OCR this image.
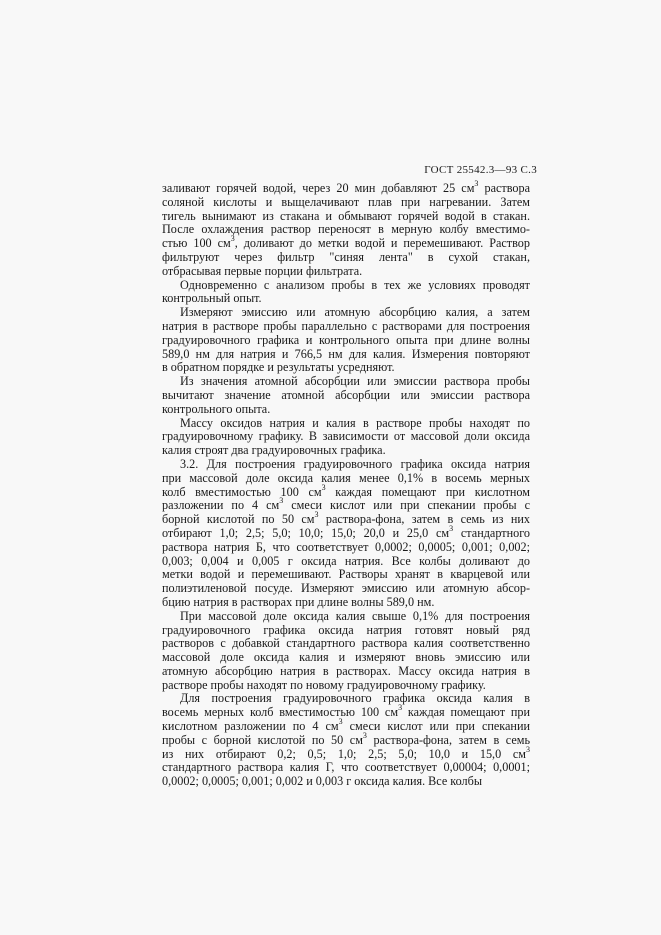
ГОСТ 25542.3—93 С.3
заливают горячей водой, через 20 мин добавляют 25 $см^3$ раствора
соляной кислоты и выщелачивают плав при нагревании. Затем
тигель вынимают из стакана и обмывают горячей водой в стакан.
После охлаждения раствор переносят в мерную колбу вместимо-
стью 100 $см^3$, доливают до метки водой и перемешивают. Раствор
фильтруют через фильтр "синяя лента" в сухой стакан,
отбрасывая первые порции фильтрата.
Одновременно с анализом пробы в тех же условиях проводят
контрольный опыт.
Измеряют эмиссию или атомную абсорбцию калия, а затем
натрия в растворе пробы параллельно с растворами для построения
градуировочного графика и контрольного опыта при длине волны
589,0 нм для натрия и 766,5 нм для калия. Измерения повторяют
в обратном порядке и результаты усредняют.
Из значения атомной абсорбции или эмиссии раствора пробы
вычитают значение атомной абсорбции или эмиссии раствора
контрольного опыта.
Массу оксидов натрия и калия в растворе пробы находят по
градуировочному графику. В зависимости от массовой доли оксида
калия строят два градуировочных графика.
3.2. Для построения градуировочного графика оксида натрия
при массовой доле оксида калия менее 0,1% в восемь мерных
колб вместимостью 100 $см^3$ каждая помещают при кислотном
разложении по 4 $см^3$ смеси кислот или при спекании пробы с
борной кислотой по 50 $см^3$ раствора-фона, затем в семь из них
отбирают 1,0; 2,5; 5,0; 10,0; 15,0; 20,0 и 25,0 $см^3$ стандартного
раствора натрия Б, что соответствует 0,0002; 0,0005; 0,001; 0,002;
0,003; 0,004 и 0,005 г оксида натрия. Все колбы доливают до
метки водой и перемешивают. Растворы хранят в кварцевой или
полиэтиленовой посуде. Измеряют эмиссию или атомную абсор-
бцию натрия в растворах при длине волны 589,0 нм.
При массовой доле оксида калия свыше 0,1% для построения
градуировочного графика оксида натрия готовят новый ряд
растворов с добавкой стандартного раствора калия соответственно
массовой доле оксида калия и измеряют вновь эмиссию или
атомную абсорбцию натрия в растворах. Массу оксида натрия в
растворе пробы находят по новому градуировочному графику.
Для построения градуировочного графика оксида калия в
восемь мерных колб вместимостью 100 $см^3$ каждая помещают при
кислотном разложении по 4 $см^3$ смеси кислот или при спекании
пробы с борной кислотой по 50 $см^3$ раствора-фона, затем в семь
из них отбирают 0,2; 0,5; 1,0; 2,5; 5,0; 10,0 и 15,0 $см^3$
стандартного раствора калия Г, что соответствует 0,00004; 0,0001;
0,0002; 0,0005; 0,001; 0,002 и 0,003 г оксида калия. Все колбы
